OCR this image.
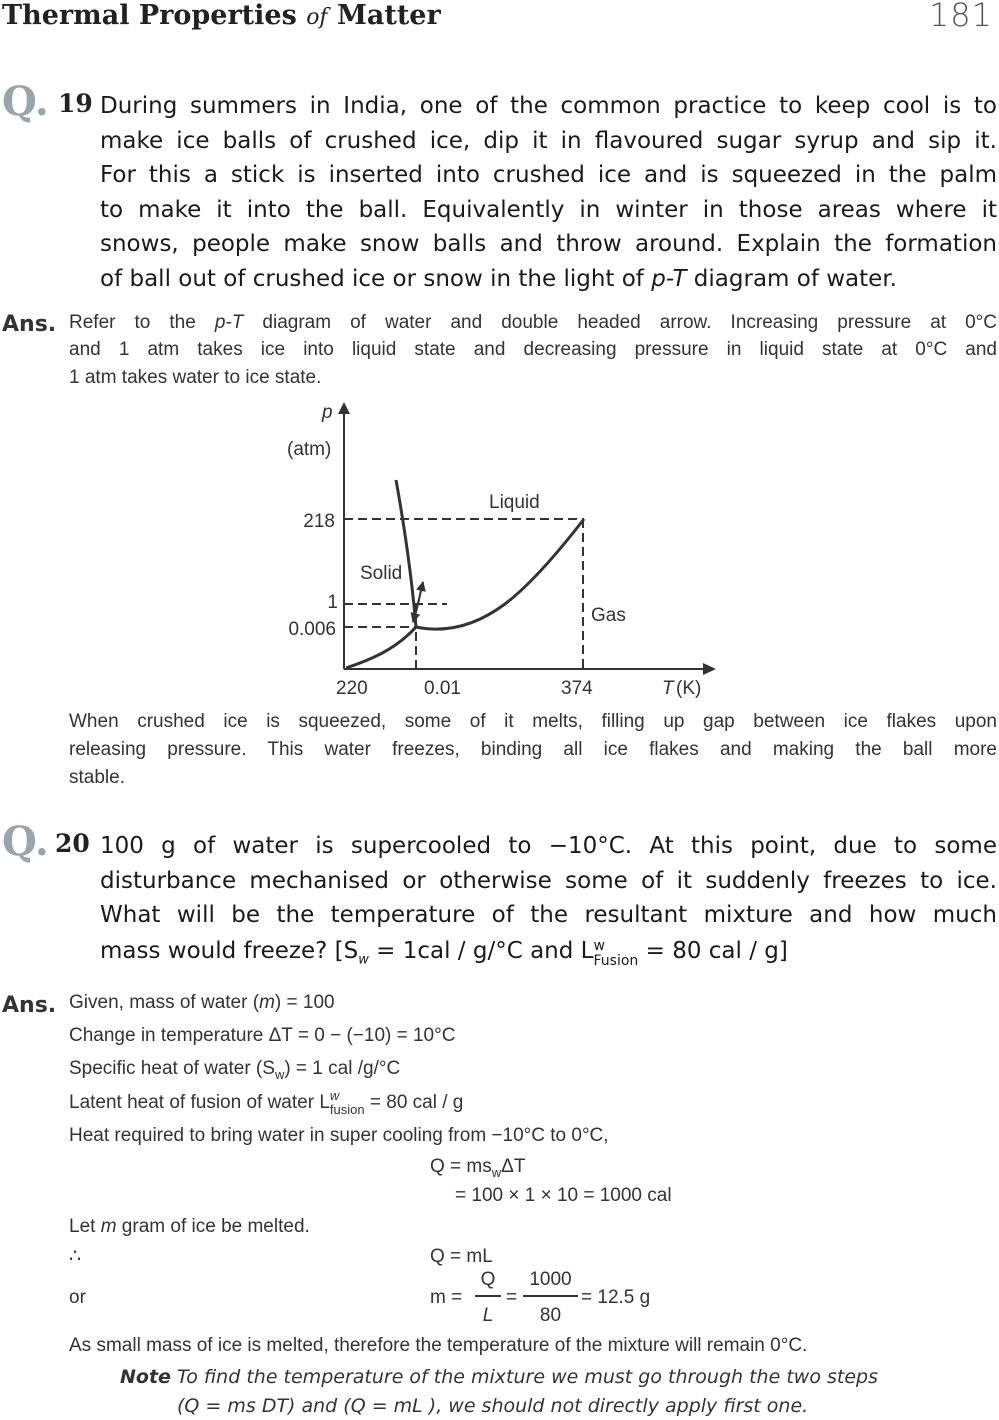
Thermal Properties of Matter	181
Q. 19 During summers in India, one of the common practice to keep cool is to
make ice balls of crushed ice, dip it in flavoured sugar syrup and sip it.
For this a stick is inserted into crushed ice and is squeezed in the palm
to make it into the ball. Equivalently in winter in those areas where it
snows, people make snow balls and throw around. Explain the formation
of ball out of crushed ice or snow in the light of p-T diagram of water.
Ans. Refer to the p-T diagram of water and double headed arrow. Increasing pressure at 0°C
and 1 atm takes ice into liquid state and decreasing pressure in liquid state at 0°C and
1 atm takes water to ice state.
p
(atm)
218
1
0.006
220	0.01	374	T (K)
Liquid
Solid
Gas
When crushed ice is squeezed, some of it melts, filling up gap between ice flakes upon
releasing pressure. This water freezes, binding all ice flakes and making the ball more
stable.
Q. 20 100 g of water is supercooled to −10°C. At this point, due to some
disturbance mechanised or otherwise some of it suddenly freezes to ice.
What will be the temperature of the resultant mixture and how much
mass would freeze? [$S_w = 1cal / g/^\circ C$ and L w
Fusion = 80 cal / g]
Ans. Given, mass of water (m) = 100
Change in temperature ΔT = 0 − (−10) = 10°C
Specific heat of water $(S_w) = 1$ cal /g/°C
Latent heat of fusion of water L w
fusion = 80 cal / g
Heat required to bring water in super cooling from −10°C to 0°C,
$Q = ms_w\Delta T$
= 100 × 1 × 10 = 1000 cal
Let m gram of ice be melted.
∴	Q = mL
or	m =
Q
L
=
1000
80
= 12.5 g
As small mass of ice is melted, therefore the temperature of the mixture will remain 0°C.
Note To find the temperature of the mixture we must go through the two steps
(Q = ms DT) and (Q = mL ), we should not directly apply first one.
